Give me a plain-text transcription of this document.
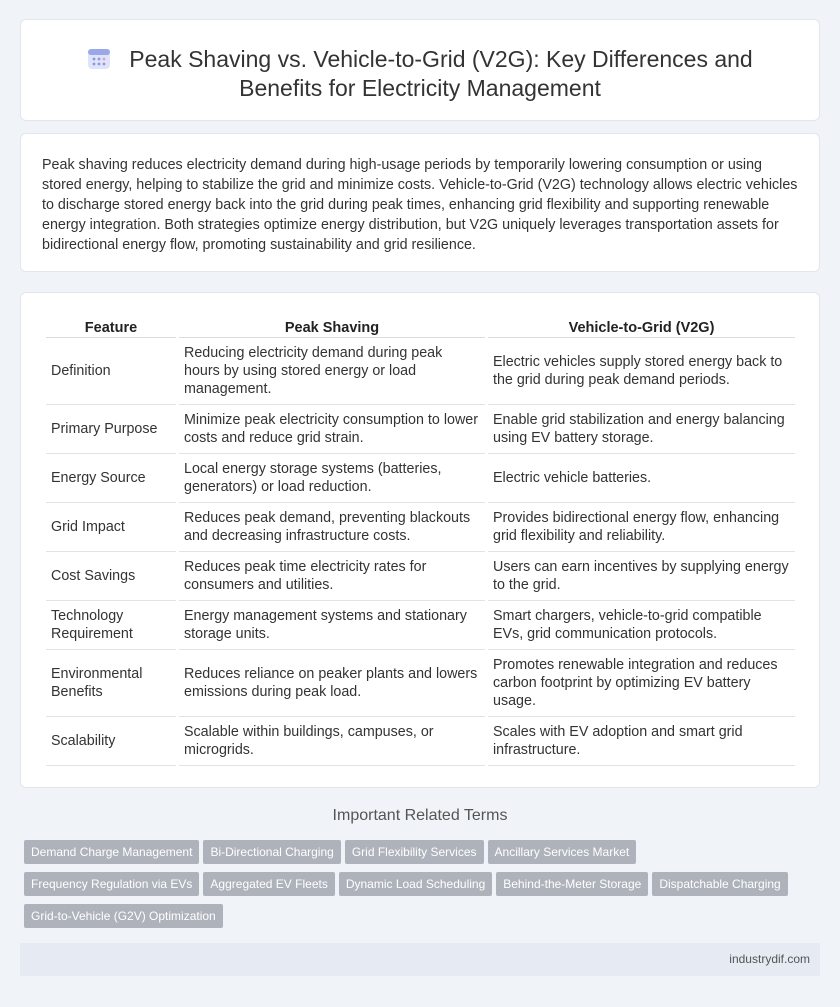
Peak Shaving vs. Vehicle-to-Grid (V2G): Key Differences and Benefits for Electricity Management

Peak shaving reduces electricity demand during high-usage periods by temporarily lowering consumption or using stored energy, helping to stabilize the grid and minimize costs. Vehicle-to-Grid (V2G) technology allows electric vehicles to discharge stored energy back into the grid during peak times, enhancing grid flexibility and supporting renewable energy integration. Both strategies optimize energy distribution, but V2G uniquely leverages transportation assets for bidirectional energy flow, promoting sustainability and grid resilience.

Feature	Peak Shaving	Vehicle-to-Grid (V2G)
Definition	Reducing electricity demand during peak hours by using stored energy or load management.	Electric vehicles supply stored energy back to the grid during peak demand periods.
Primary Purpose	Minimize peak electricity consumption to lower costs and reduce grid strain.	Enable grid stabilization and energy balancing using EV battery storage.
Energy Source	Local energy storage systems (batteries, generators) or load reduction.	Electric vehicle batteries.
Grid Impact	Reduces peak demand, preventing blackouts and decreasing infrastructure costs.	Provides bidirectional energy flow, enhancing grid flexibility and reliability.
Cost Savings	Reduces peak time electricity rates for consumers and utilities.	Users can earn incentives by supplying energy to the grid.
Technology Requirement	Energy management systems and stationary storage units.	Smart chargers, vehicle-to-grid compatible EVs, grid communication protocols.
Environmental Benefits	Reduces reliance on peaker plants and lowers emissions during peak load.	Promotes renewable integration and reduces carbon footprint by optimizing EV battery usage.
Scalability	Scalable within buildings, campuses, or microgrids.	Scales with EV adoption and smart grid infrastructure.
Important Related Terms
Demand Charge Management Bi-Directional Charging Grid Flexibility Services Ancillary Services MarketFrequency Regulation via EVs Aggregated EV Fleets Dynamic Load Scheduling Behind-the-Meter Storage Dispatchable ChargingGrid-to-Vehicle (G2V) Optimization
industrydif.com
